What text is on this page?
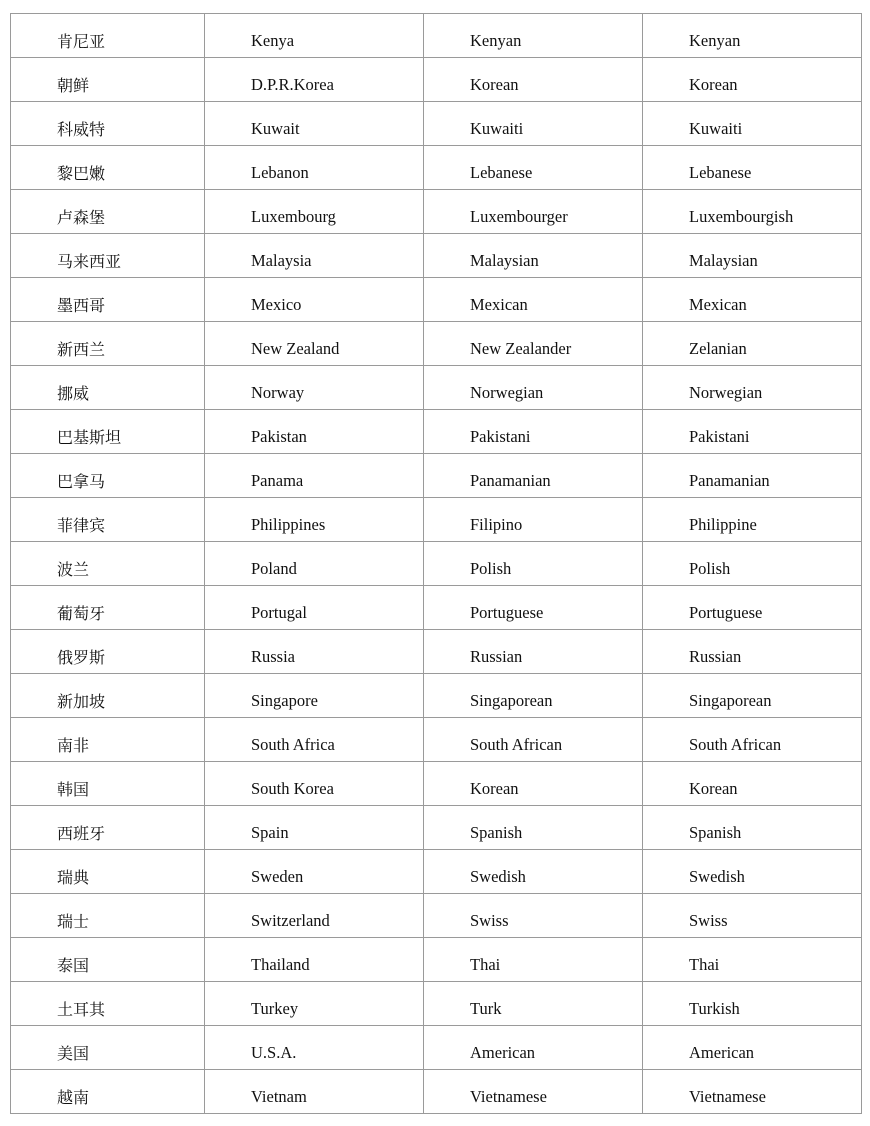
肯尼亚	Kenya	Kenyan	Kenyan
朝鲜	D.P.R.Korea	Korean	Korean
科威特	Kuwait	Kuwaiti	Kuwaiti
黎巴嫩	Lebanon	Lebanese	Lebanese
卢森堡	Luxembourg	Luxembourger	Luxembourgish
马来西亚	Malaysia	Malaysian	Malaysian
墨西哥	Mexico	Mexican	Mexican
新西兰	New Zealand	New Zealander	Zelanian
挪威	Norway	Norwegian	Norwegian
巴基斯坦	Pakistan	Pakistani	Pakistani
巴拿马	Panama	Panamanian	Panamanian
菲律宾	Philippines	Filipino	Philippine
波兰	Poland	Polish	Polish
葡萄牙	Portugal	Portuguese	Portuguese
俄罗斯	Russia	Russian	Russian
新加坡	Singapore	Singaporean	Singaporean
南非	South Africa	South African	South African
韩国	South Korea	Korean	Korean
西班牙	Spain	Spanish	Spanish
瑞典	Sweden	Swedish	Swedish
瑞士	Switzerland	Swiss	Swiss
泰国	Thailand	Thai	Thai
土耳其	Turkey	Turk	Turkish
美国	U.S.A.	American	American
越南	Vietnam	Vietnamese	Vietnamese
